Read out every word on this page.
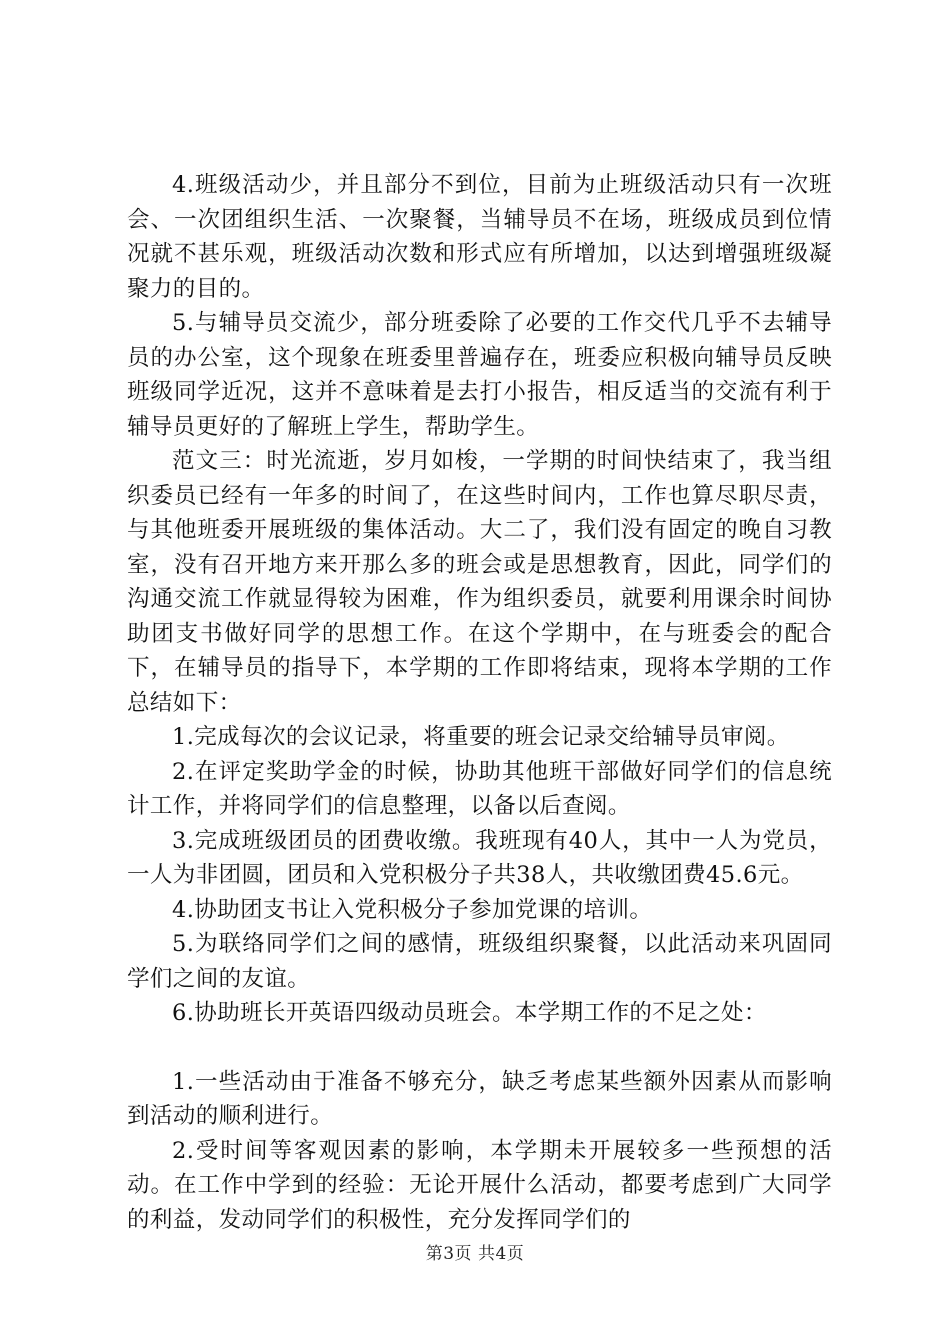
4.班级活动少，并且部分不到位，目前为止班级活动只有一次班会、一次团组织生活、一次聚餐，当辅导员不在场，班级成员到位情况就不甚乐观，班级活动次数和形式应有所增加，以达到增强班级凝聚力的目的。

5.与辅导员交流少，部分班委除了必要的工作交代几乎不去辅导员的办公室，这个现象在班委里普遍存在，班委应积极向辅导员反映班级同学近况，这并不意味着是去打小报告，相反适当的交流有利于辅导员更好的了解班上学生，帮助学生。

范文三：时光流逝，岁月如梭，一学期的时间快结束了，我当组织委员已经有一年多的时间了，在这些时间内，工作也算尽职尽责，与其他班委开展班级的集体活动。大二了，我们没有固定的晚自习教室，没有召开地方来开那么多的班会或是思想教育，因此，同学们的沟通交流工作就显得较为困难，作为组织委员，就要利用课余时间协助团支书做好同学的思想工作。在这个学期中，在与班委会的配合下，在辅导员的指导下，本学期的工作即将结束，现将本学期的工作总结如下：

1.完成每次的会议记录，将重要的班会记录交给辅导员审阅。

2.在评定奖助学金的时候，协助其他班干部做好同学们的信息统计工作，并将同学们的信息整理，以备以后查阅。

3.完成班级团员的团费收缴。我班现有40人，其中一人为党员，一人为非团圆，团员和入党积极分子共38人，共收缴团费45.6元。

4.协助团支书让入党积极分子参加党课的培训。

5.为联络同学们之间的感情，班级组织聚餐，以此活动来巩固同学们之间的友谊。

6.协助班长开英语四级动员班会。本学期工作的不足之处：

1.一些活动由于准备不够充分，缺乏考虑某些额外因素从而影响到活动的顺利进行。

2.受时间等客观因素的影响，本学期未开展较多一些预想的活动。在工作中学到的经验：无论开展什么活动，都要考虑到广大同学的利益，发动同学们的积极性，充分发挥同学们的

第3页 共4页
